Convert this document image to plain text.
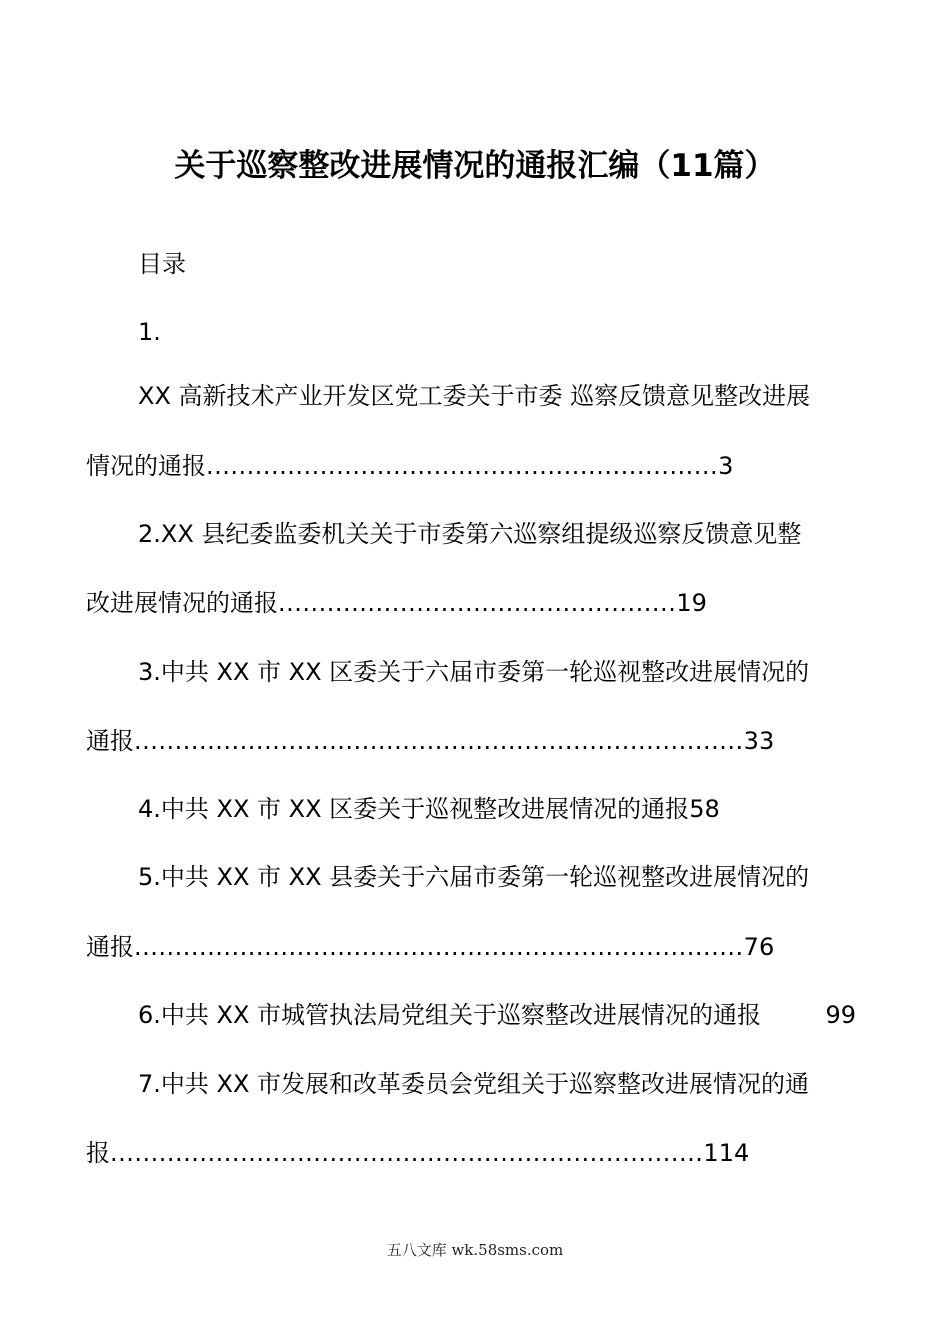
关于巡察整改进展情况的通报汇编（11篇）
目录
1.
XX 高新技术产业开发区党工委关于市委 巡察反馈意见整改进展
情况的通报...............................................................3
2.XX 县纪委监委机关关于市委第六巡察组提级巡察反馈意见整
改进展情况的通报.................................................19
3.中共 XX 市 XX 区委关于六届市委第一轮巡视整改进展情况的
通报...........................................................................33
4.中共 XX 市 XX 区委关于巡视整改进展情况的通报58
5.中共 XX 市 XX 县委关于六届市委第一轮巡视整改进展情况的
通报...........................................................................76
6.中共 XX 市城管执法局党组关于巡察整改进展情况的通报	99
7.中共 XX 市发展和改革委员会党组关于巡察整改进展情况的通
报.........................................................................114
五八文库 wk.58sms.com
